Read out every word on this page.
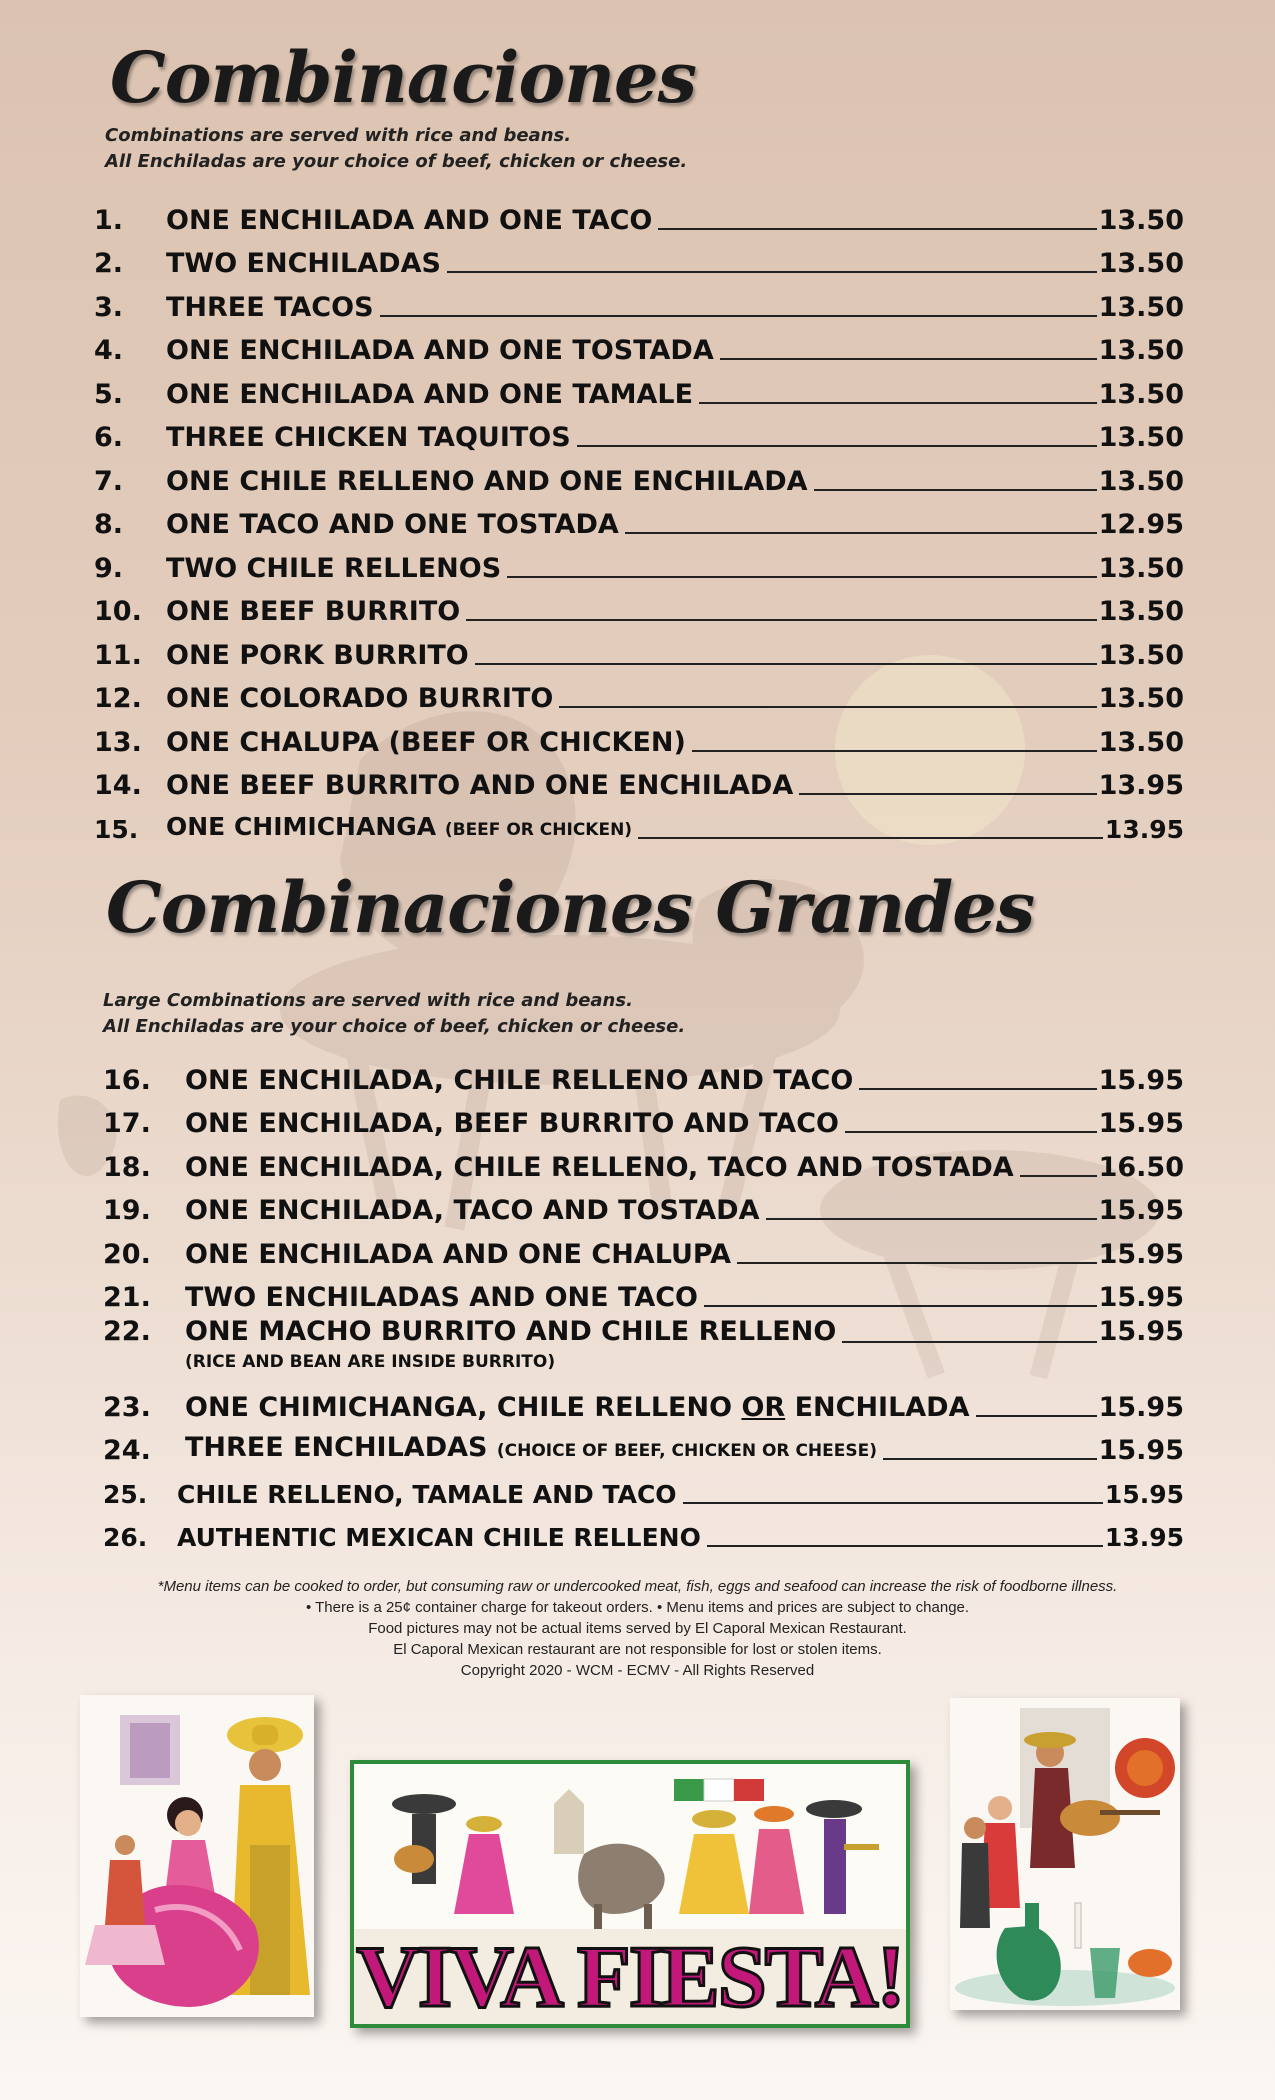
Combinaciones
Combinations are served with rice and beans.
All Enchiladas are your choice of beef, chicken or cheese.
1.	ONE ENCHILADA AND ONE TACO	13.50
2.	TWO ENCHILADAS	13.50
3.	THREE TACOS	13.50
4.	ONE ENCHILADA AND ONE TOSTADA	13.50
5.	ONE ENCHILADA AND ONE TAMALE	13.50
6.	THREE CHICKEN TAQUITOS	13.50
7.	ONE CHILE RELLENO AND ONE ENCHILADA	13.50
8.	ONE TACO AND ONE TOSTADA	12.95
9.	TWO CHILE RELLENOS	13.50
10. ONE BEEF BURRITO	13.50
11. ONE PORK BURRITO	13.50
12. ONE COLORADO BURRITO	13.50
13. ONE CHALUPA (BEEF OR CHICKEN)	13.50
14. ONE BEEF BURRITO AND ONE ENCHILADA	13.95
15.	ONE CHIMICHANGA (BEEF OR CHICKEN)	13.95
Combinaciones Grandes
Large Combinations are served with rice and beans.
All Enchiladas are your choice of beef, chicken or cheese.
16.	ONE ENCHILADA, CHILE RELLENO AND TACO	15.95
17.	ONE ENCHILADA, BEEF BURRITO AND TACO	15.95
18.	ONE ENCHILADA, CHILE RELLENO, TACO AND TOSTADA	16.50
19.	ONE ENCHILADA, TACO AND TOSTADA	15.95
20.	ONE ENCHILADA AND ONE CHALUPA	15.95
21.	TWO ENCHILADAS AND ONE TACO	15.95
22.	ONE MACHO BURRITO AND CHILE RELLENO	15.95
(RICE AND BEAN ARE INSIDE BURRITO)
23.	ONE CHIMICHANGA, CHILE RELLENO OR ENCHILADA	15.95
24.	THREE ENCHILADAS (CHOICE OF BEEF, CHICKEN OR CHEESE)	15.95
25.	CHILE RELLENO, TAMALE AND TACO	15.95
26.	AUTHENTIC MEXICAN CHILE RELLENO	13.95
*Menu items can be cooked to order, but consuming raw or undercooked meat, fish, eggs and seafood can increase the risk of foodborne illness.
• There is a 25¢ container charge for takeout orders. • Menu items and prices are subject to change.
Food pictures may not be actual items served by El Caporal Mexican Restaurant.
El Caporal Mexican restaurant are not responsible for lost or stolen items.
Copyright 2020 - WCM - ECMV - All Rights Reserved
VIVA FIESTA!
